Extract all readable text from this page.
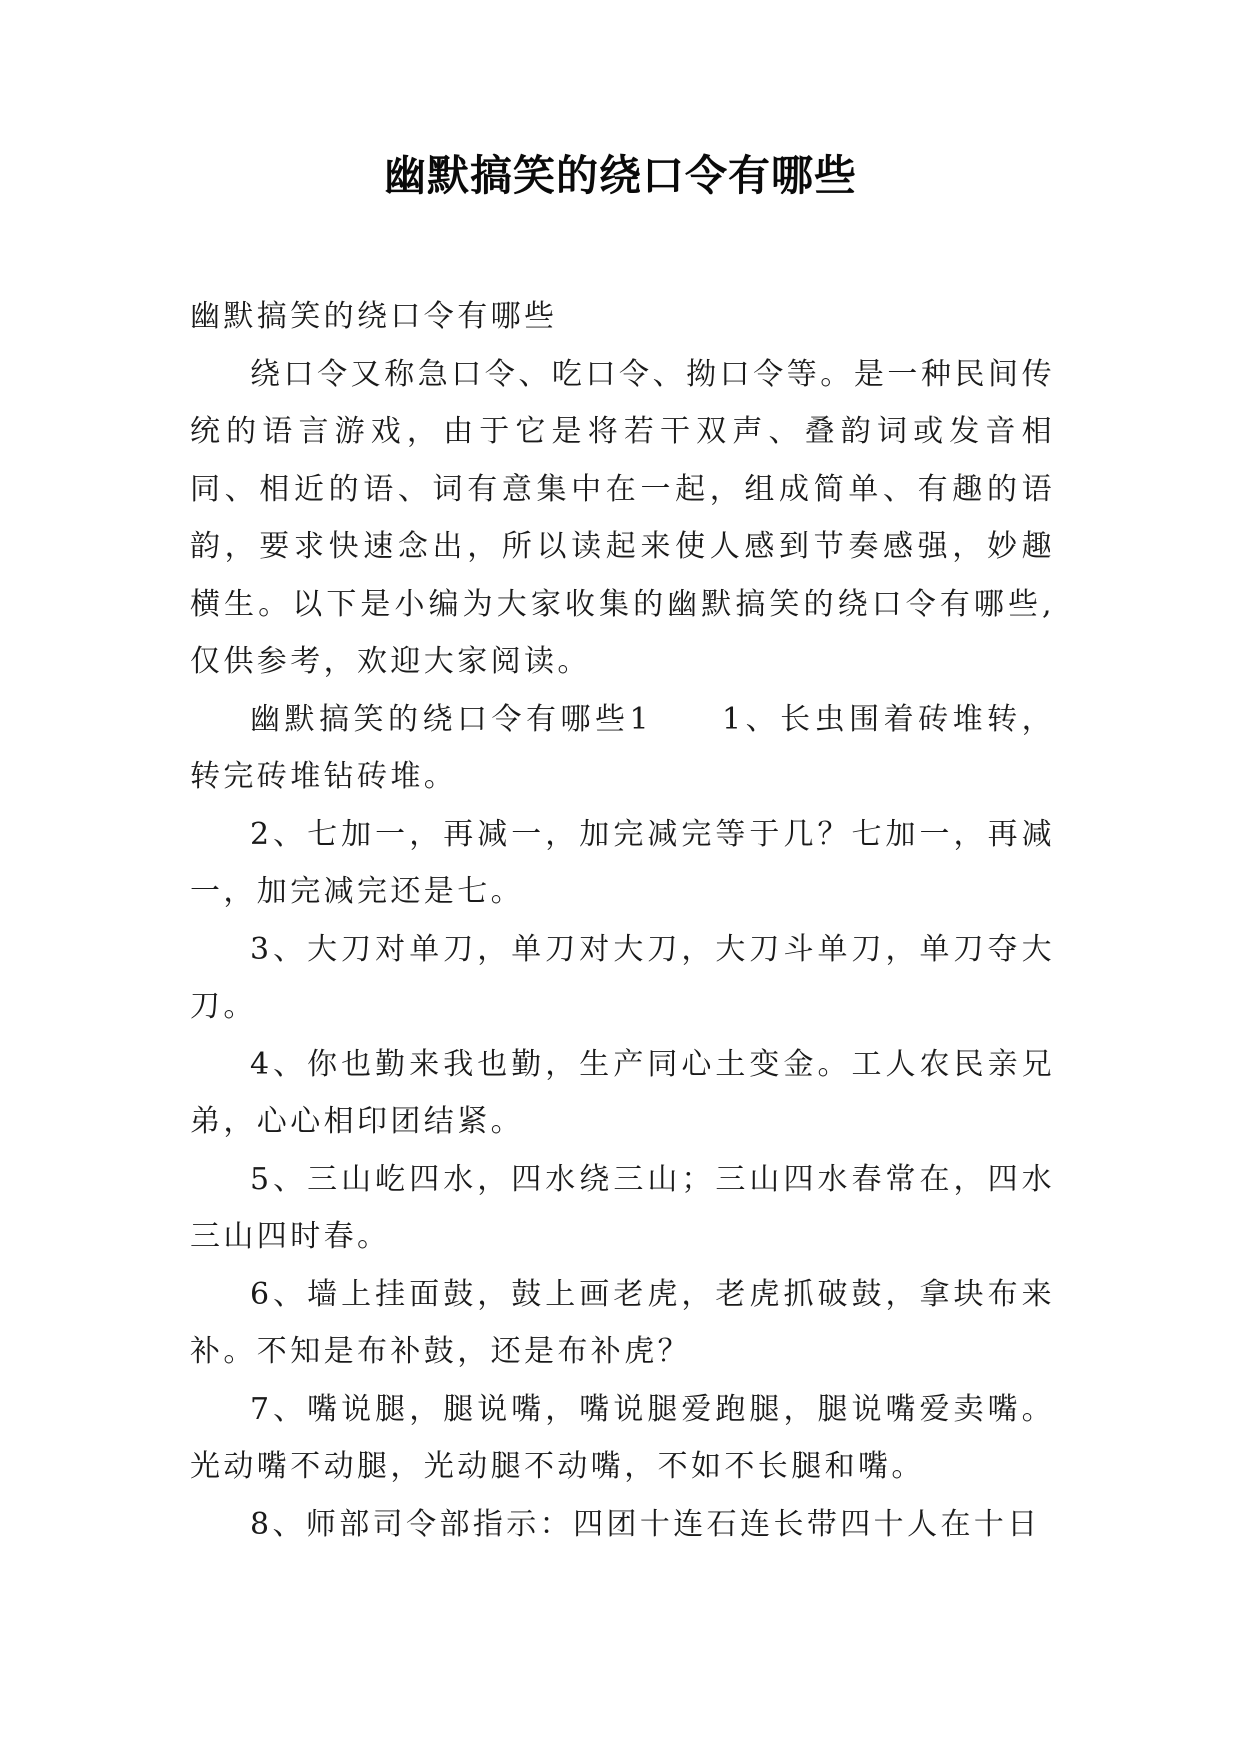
幽默搞笑的绕口令有哪些

幽默搞笑的绕口令有哪些

绕口令又称急口令、吃口令、拗口令等。是一种民间传统的语言游戏，由于它是将若干双声、叠韵词或发音相同、相近的语、词有意集中在一起，组成简单、有趣的语韵，要求快速念出，所以读起来使人感到节奏感强，妙趣横生。以下是小编为大家收集的幽默搞笑的绕口令有哪些,仅供参考，欢迎大家阅读。

幽默搞笑的绕口令有哪些1　　1、长虫围着砖堆转，转完砖堆钻砖堆。

2、七加一，再减一，加完减完等于几？七加一，再减一，加完减完还是七。

3、大刀对单刀，单刀对大刀，大刀斗单刀，单刀夺大刀。

4、你也勤来我也勤，生产同心土变金。工人农民亲兄弟，心心相印团结紧。

5、三山屹四水，四水绕三山；三山四水春常在，四水三山四时春。

6、墙上挂面鼓，鼓上画老虎，老虎抓破鼓，拿块布来补。不知是布补鼓，还是布补虎？

7、嘴说腿，腿说嘴，嘴说腿爱跑腿，腿说嘴爱卖嘴。光动嘴不动腿，光动腿不动嘴，不如不长腿和嘴。

8、师部司令部指示：四团十连石连长带四十人在十日
